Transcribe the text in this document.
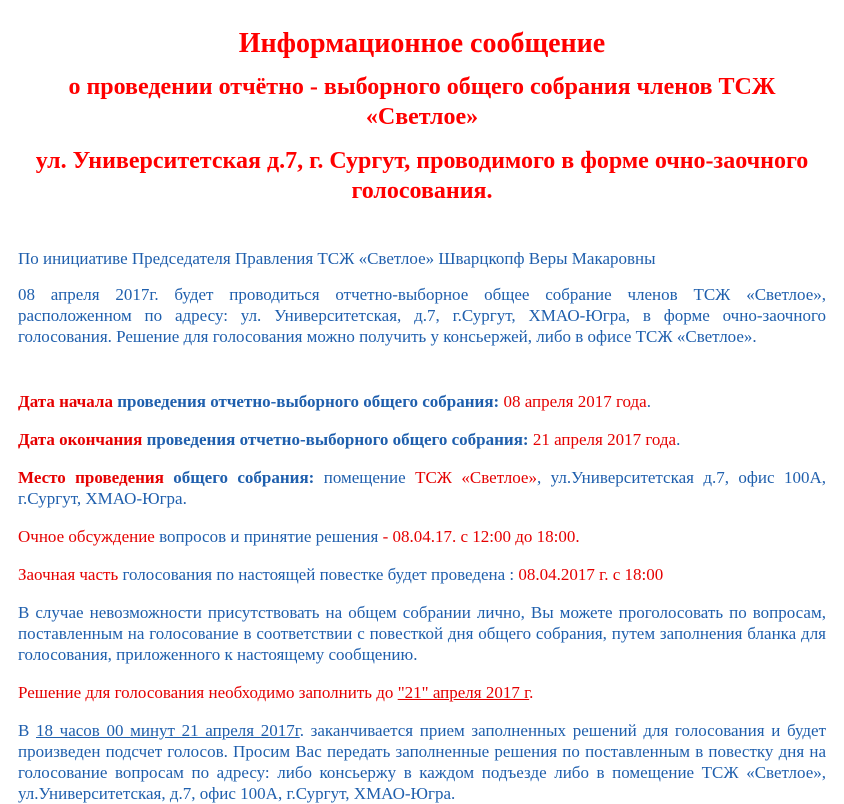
Информационное сообщение
о проведении отчётно - выборного общего собрания членов ТСЖ
«Светлое»
ул. Университетская д.7, г. Сургут, проводимого в форме очно-заочного
голосования.

По инициативе Председателя Правления ТСЖ «Светлое» Шварцкопф Веры Макаровны

08 апреля 2017г. будет проводиться отчетно-выборное общее собрание членов ТСЖ «Светлое», расположенном по адресу: ул. Университетская, д.7, г.Сургут, ХМАО-Югра, в форме очно-заочного голосования. Решение для голосования можно получить у консьержей, либо в офисе ТСЖ «Светлое».

Дата начала проведения отчетно-выборного общего собрания: 08 апреля 2017 года.

Дата окончания проведения отчетно-выборного общего собрания: 21 апреля 2017 года.

Место проведения общего собрания: помещение ТСЖ «Светлое», ул.Университетская д.7, офис 100А, г.Сургут, ХМАО-Югра.

Очное обсуждение вопросов и принятие решения - 08.04.17. с 12:00 до 18:00.

Заочная часть голосования по настоящей повестке будет проведена : 08.04.2017 г. с 18:00

В случае невозможности присутствовать на общем собрании лично, Вы можете проголосовать по вопросам, поставленным на голосование в соответствии с повесткой дня общего собрания, путем заполнения бланка для голосования, приложенного к настоящему сообщению.

Решение для голосования необходимо заполнить до "21" апреля 2017 г.

В 18 часов 00 минут 21 апреля 2017г. заканчивается прием заполненных решений для голосования и будет произведен подсчет голосов. Просим Вас передать заполненные решения по поставленным в повестку дня на голосование вопросам по адресу: либо консьержу в каждом подъезде либо в помещение ТСЖ «Светлое», ул.Университетская, д.7, офис 100А, г.Сургут, ХМАО-Югра.
